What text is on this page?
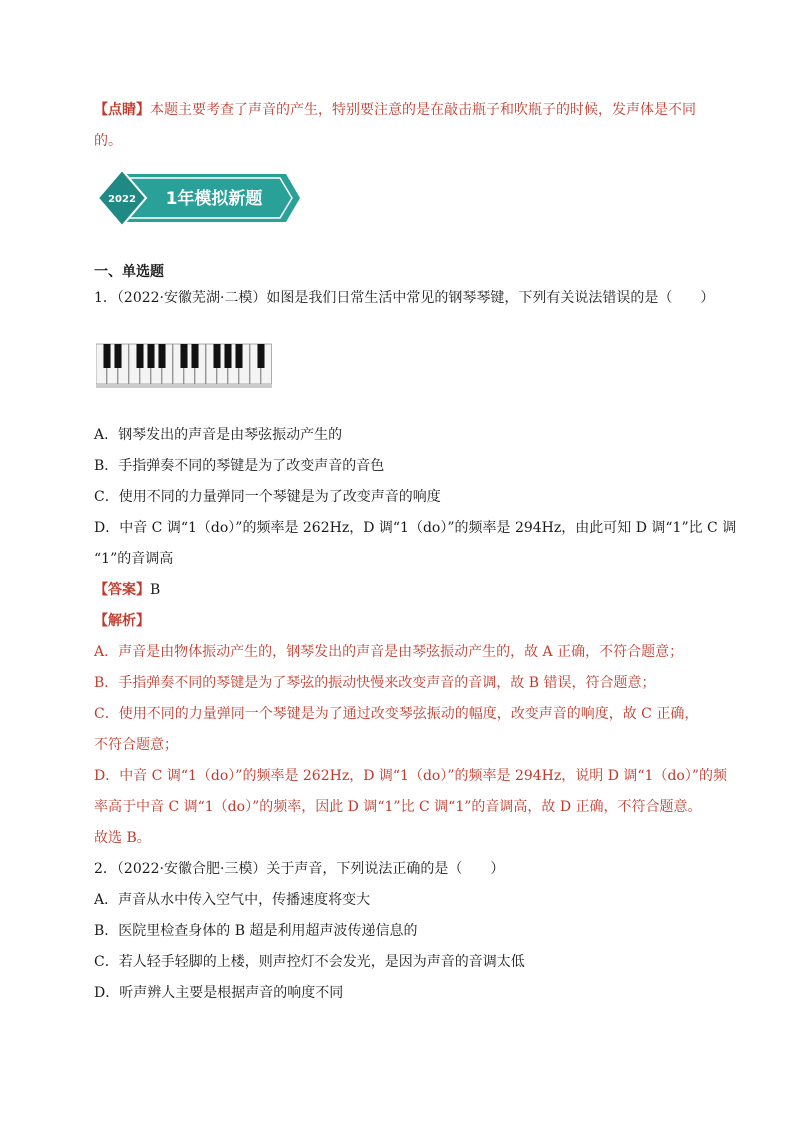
【点睛】本题主要考查了声音的产生，特别要注意的是在敲击瓶子和吹瓶子的时候，发声体是不同
的。
2022 1年模拟新题
一、单选题
1．（2022·安徽芜湖·二模）如图是我们日常生活中常见的钢琴琴键，下列有关说法错误的是（　　）
A．钢琴发出的声音是由琴弦振动产生的
B．手指弹奏不同的琴键是为了改变声音的音色
C．使用不同的力量弹同一个琴键是为了改变声音的响度
D．中音 C 调“1（do）”的频率是 262Hz，D 调“1（do）”的频率是 294Hz，由此可知 D 调“1”比 C 调
“1”的音调高
【答案】B
【解析】
A．声音是由物体振动产生的，钢琴发出的声音是由琴弦振动产生的，故 A 正确，不符合题意；
B．手指弹奏不同的琴键是为了琴弦的振动快慢来改变声音的音调，故 B 错误，符合题意；
C．使用不同的力量弹同一个琴键是为了通过改变琴弦振动的幅度，改变声音的响度，故 C 正确，
不符合题意；
D．中音 C 调“1（do）”的频率是 262Hz，D 调“1（do）”的频率是 294Hz，说明 D 调“1（do）”的频
率高于中音 C 调“1（do）”的频率，因此 D 调“1”比 C 调“1”的音调高，故 D 正确，不符合题意。
故选 B。
2．（2022·安徽合肥·三模）关于声音，下列说法正确的是（　　）
A．声音从水中传入空气中，传播速度将变大
B．医院里检查身体的 B 超是利用超声波传递信息的
C．若人轻手轻脚的上楼，则声控灯不会发光，是因为声音的音调太低
D．听声辨人主要是根据声音的响度不同
